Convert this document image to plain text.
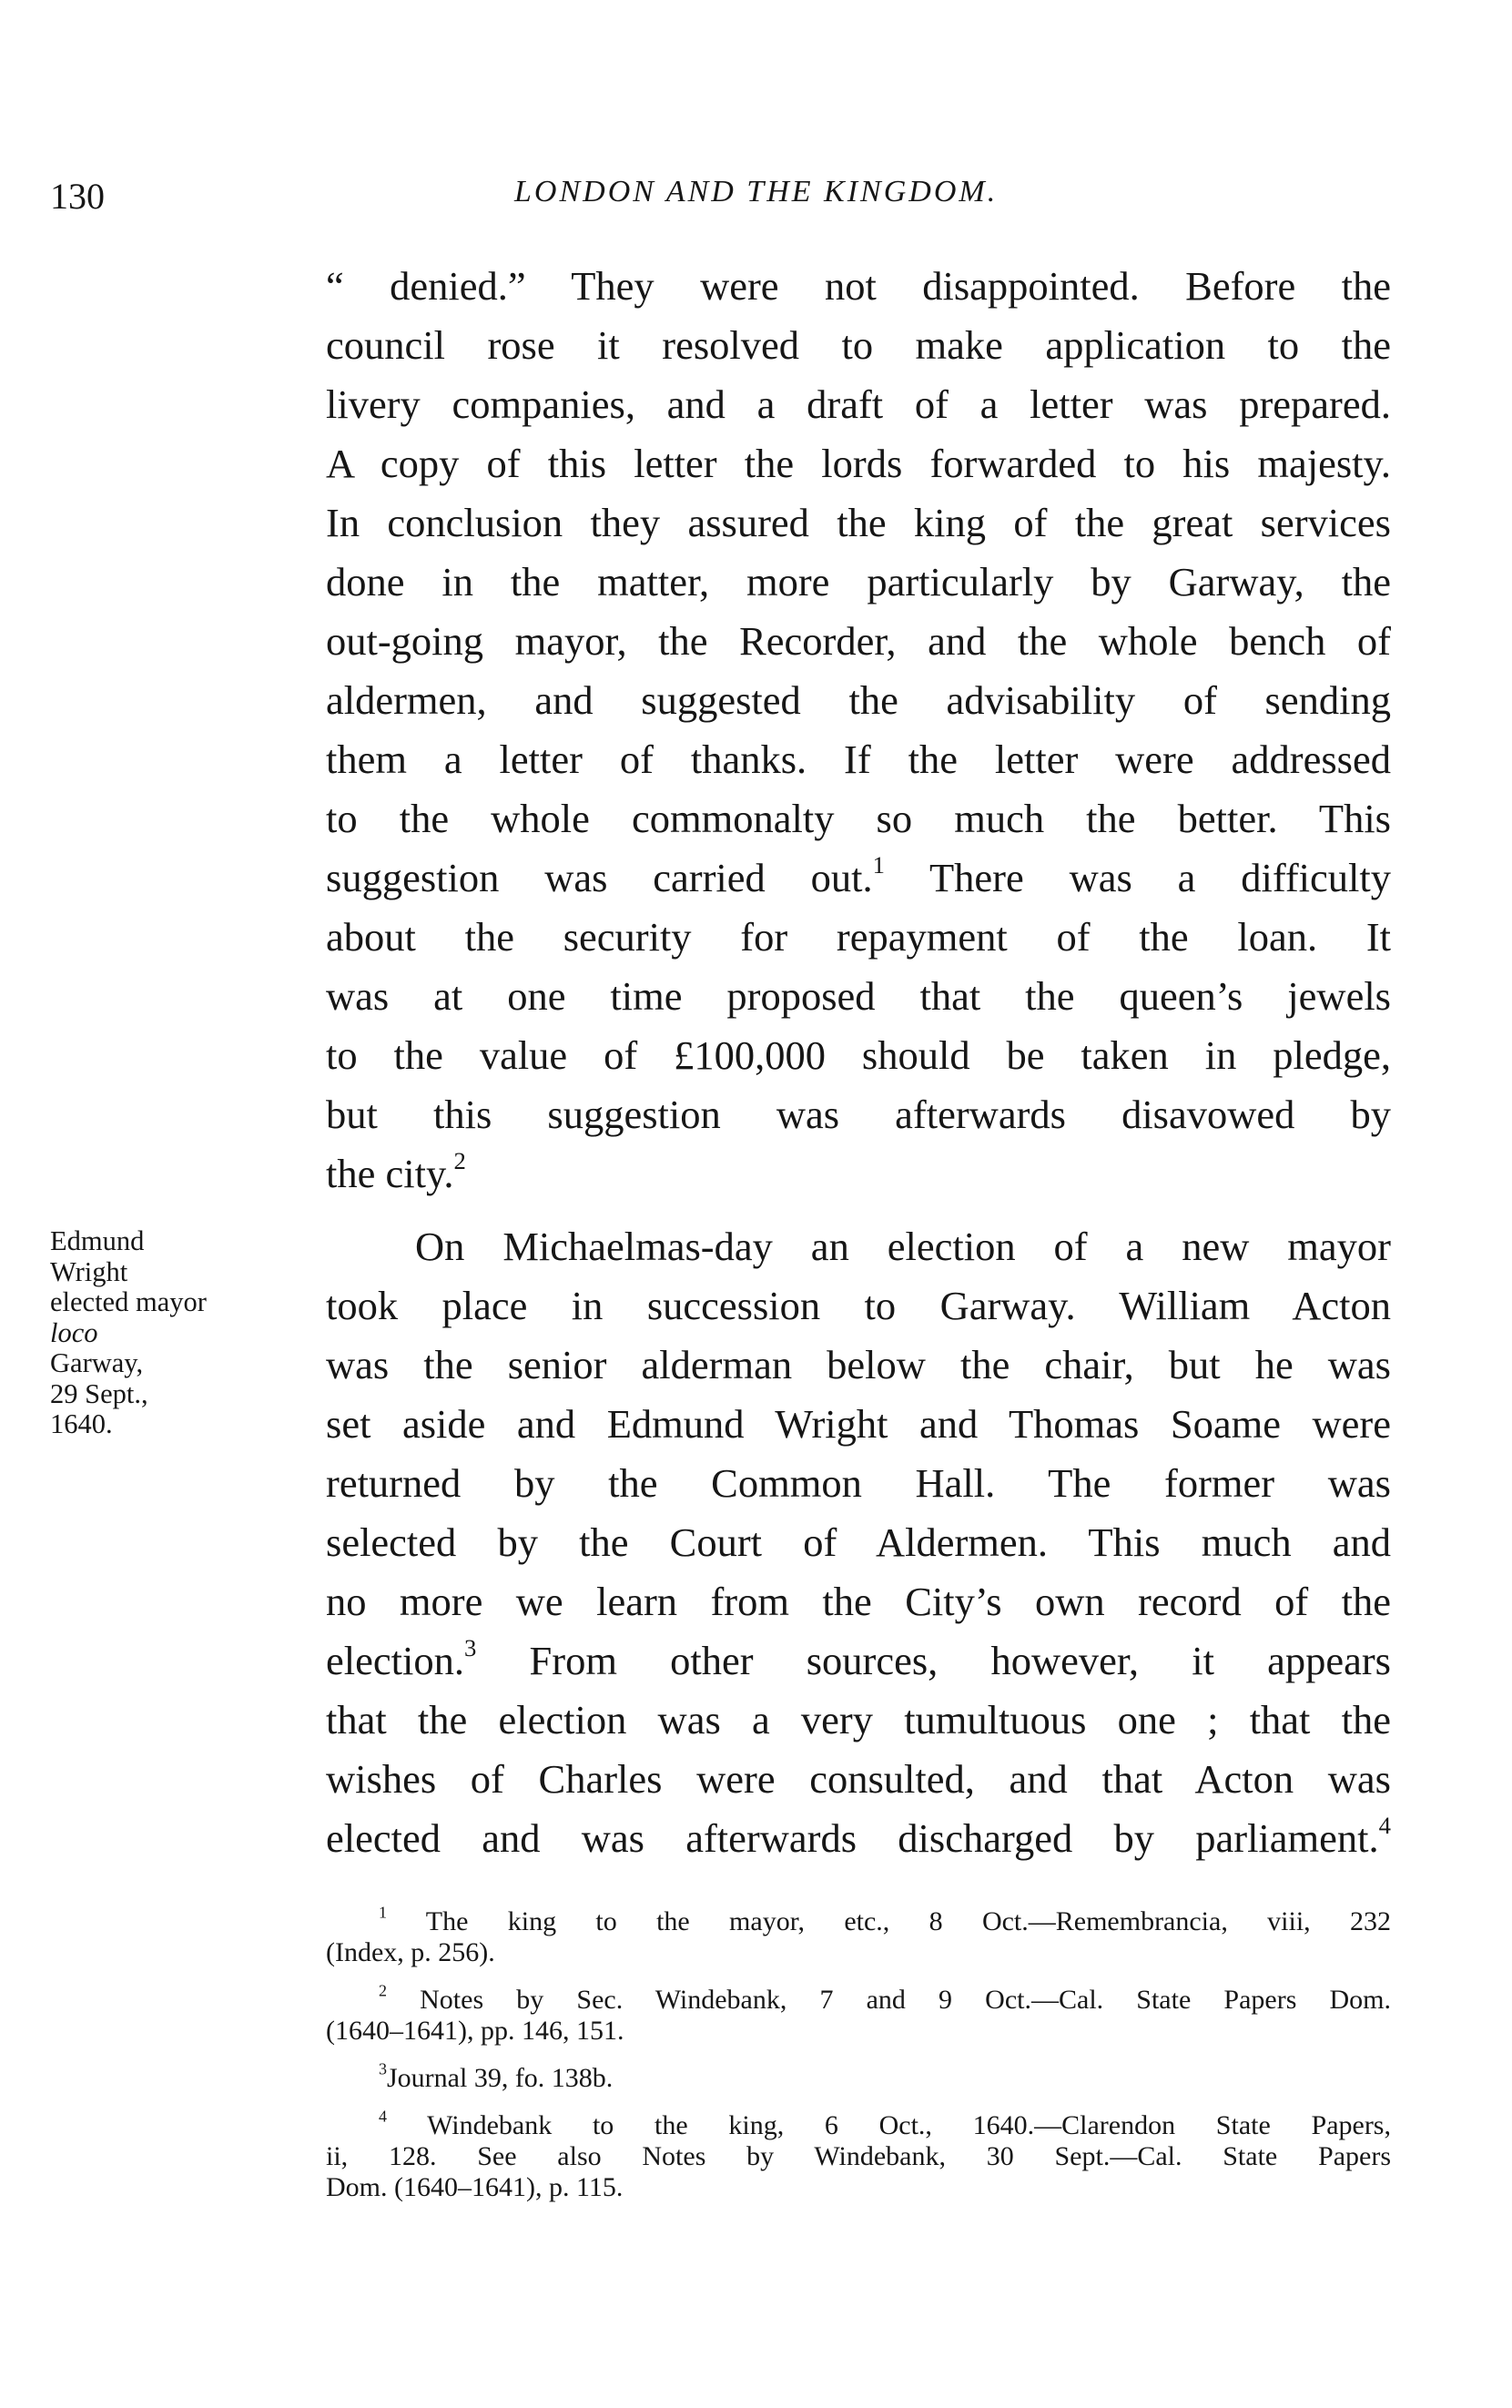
130	LONDON AND THE KINGDOM.
“ denied.” They were not disappointed. Before the
council rose it resolved to make application to the
livery companies, and a draft of a letter was prepared.
A copy of this letter the lords forwarded to his majesty.
In conclusion they assured the king of the great services
done in the matter, more particularly by Garway, the
out-going mayor, the Recorder, and the whole bench of
aldermen, and suggested the advisability of sending
them a letter of thanks. If the letter were addressed
to the whole commonalty so much the better. This
suggestion was carried out.$^1$ There was a difficulty
about the security for repayment of the loan. It
was at one time proposed that the queen’s jewels
to the value of £100,000 should be taken in pledge,
but this suggestion was afterwards disavowed by
the city.$^2$
Edmund
Wright
elected mayor
loco
Garway,
29 Sept.,
1640.
On Michaelmas-day an election of a new mayor
took place in succession to Garway. William Acton
was the senior alderman below the chair, but he was
set aside and Edmund Wright and Thomas Soame were
returned by the Common Hall. The former was
selected by the Court of Aldermen. This much and
no more we learn from the City’s own record of the
election.$^3$ From other sources, however, it appears
that the election was a very tumultuous one ; that the
wishes of Charles were consulted, and that Acton was
elected and was afterwards discharged by parliament.$^4$
$^1$ The king to the mayor, etc., 8 Oct.—Remembrancia, viii, 232
(Index, p. 256).
$^2$ Notes by Sec. Windebank, 7 and 9 Oct.—Cal. State Papers Dom.
(1640–1641), pp. 146, 151.
$^3$Journal 39, fo. 138b.
$^4$ Windebank to the king, 6 Oct., 1640.—Clarendon State Papers,
ii, 128. See also Notes by Windebank, 30 Sept.—Cal. State Papers
Dom. (1640–1641), p. 115.
